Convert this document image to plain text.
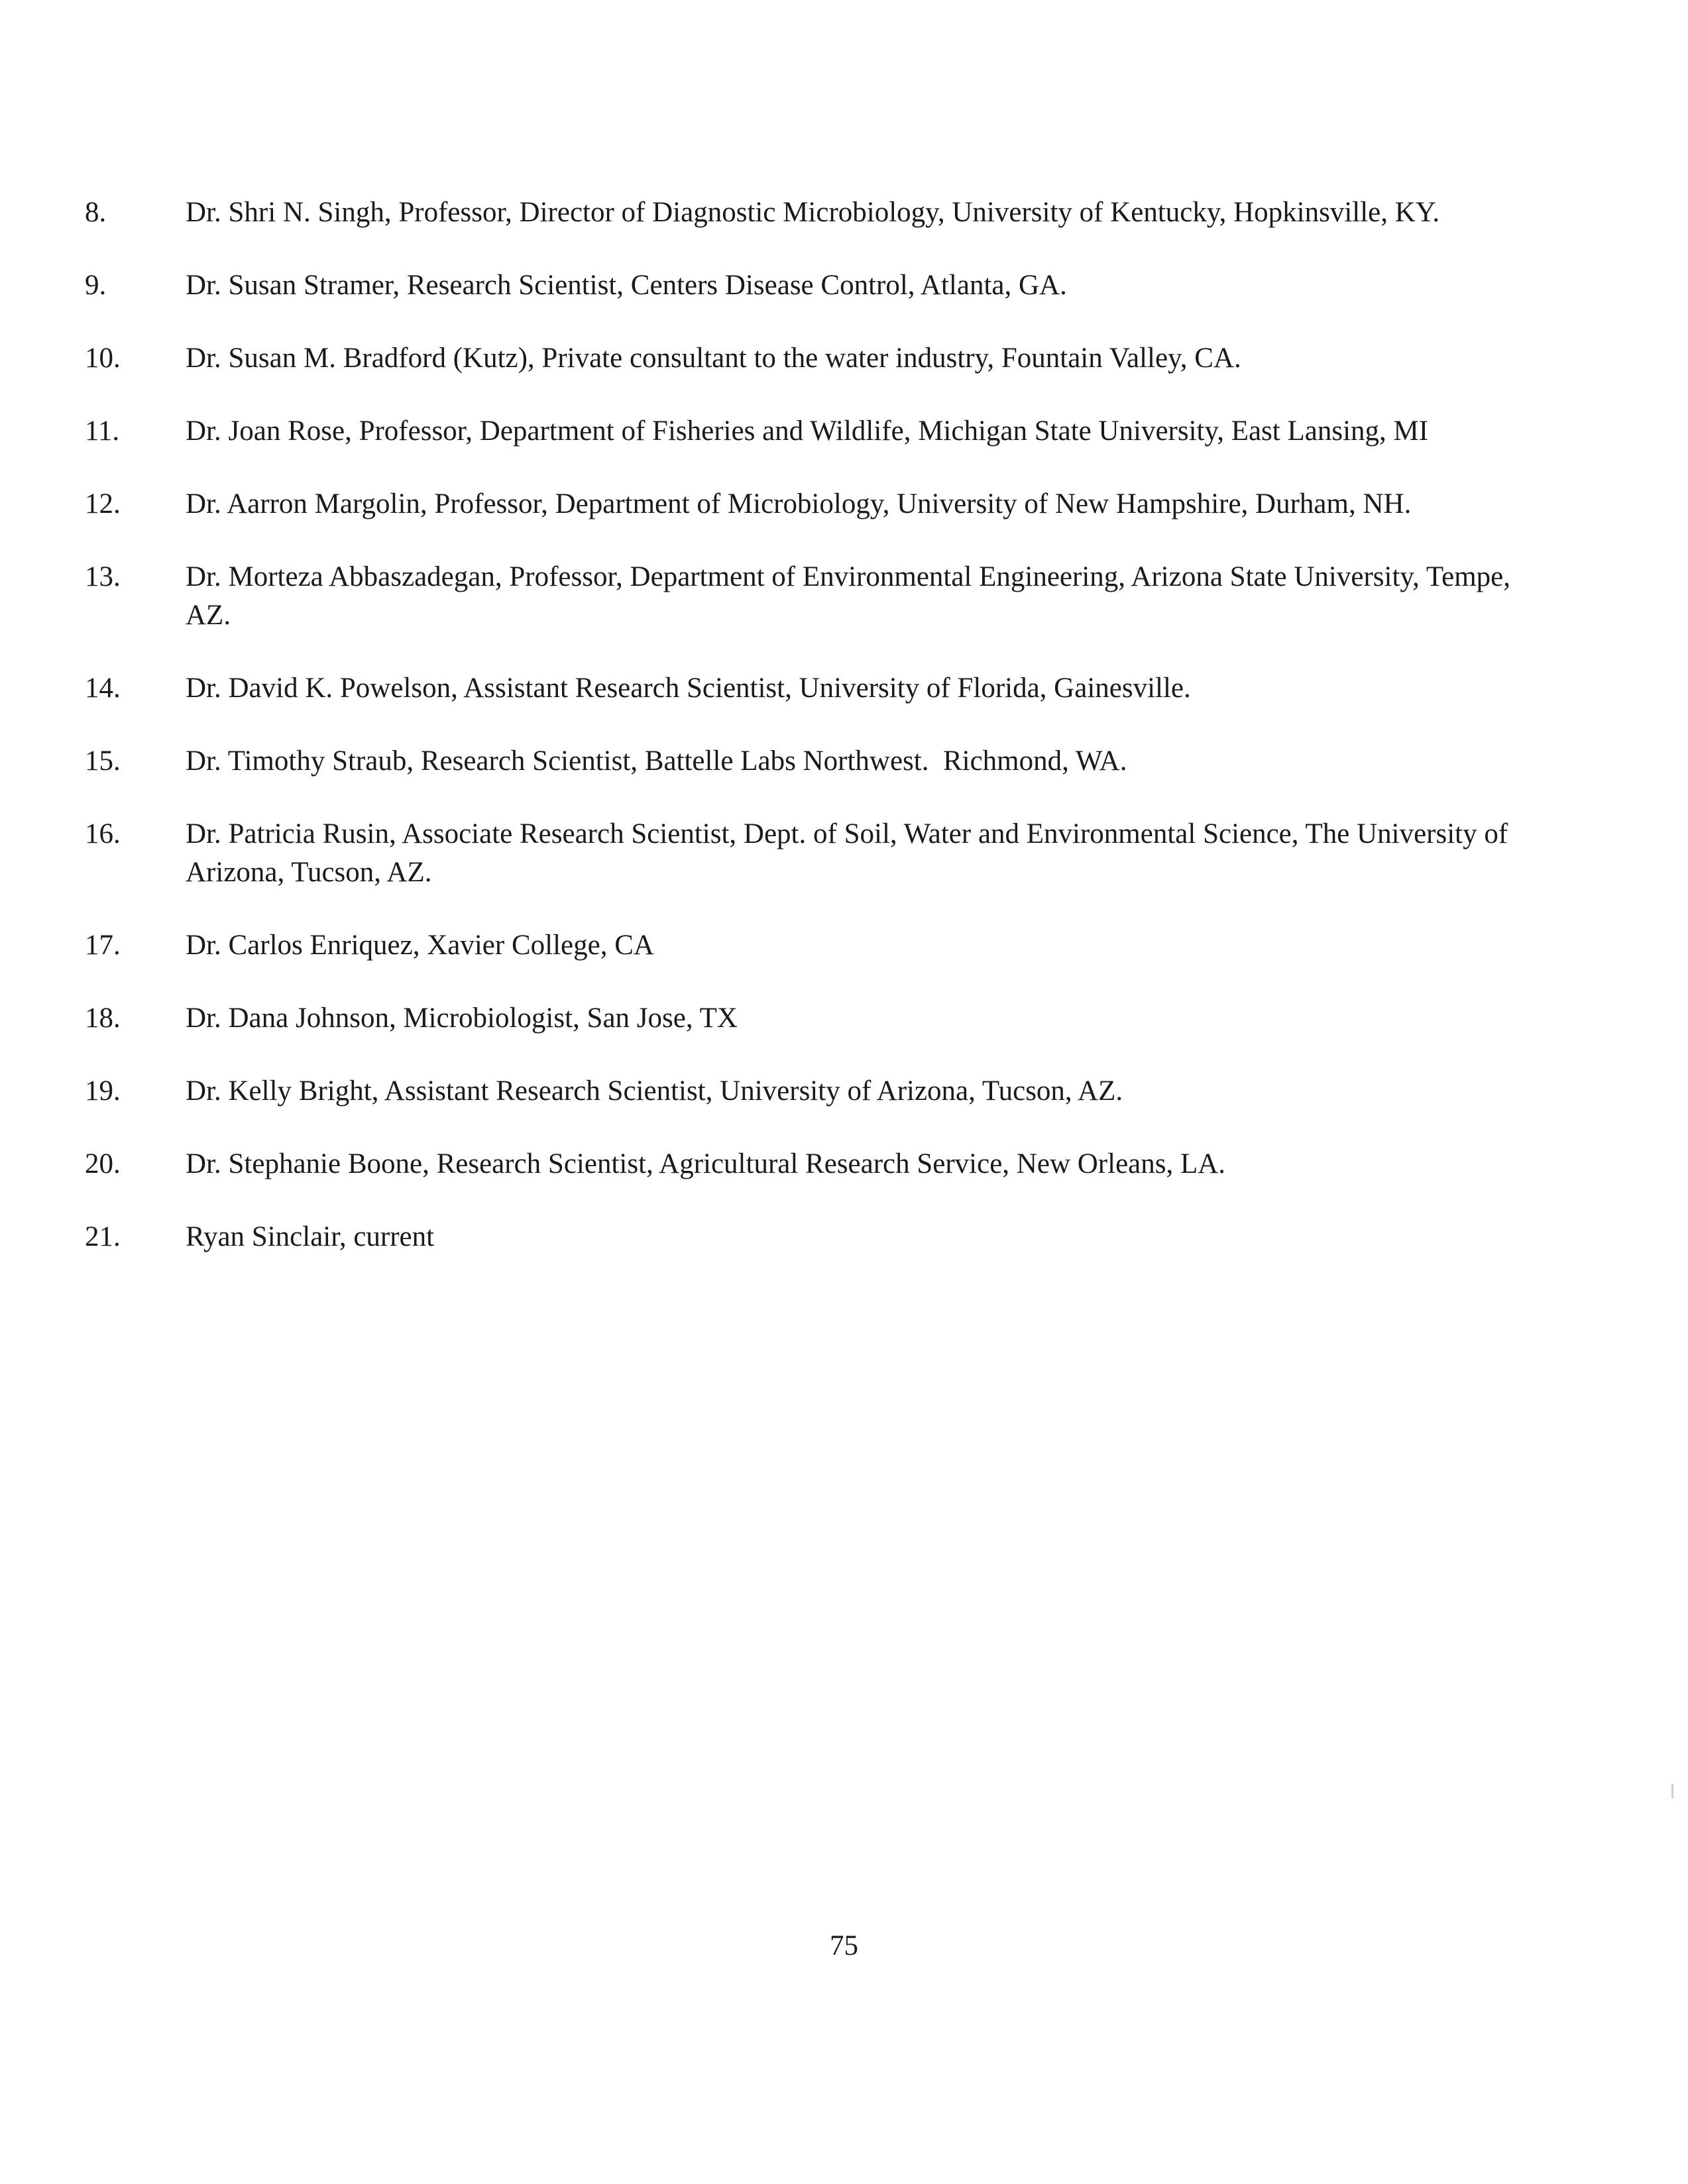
8.	Dr. Shri N. Singh, Professor, Director of Diagnostic Microbiology, University of Kentucky, Hopkinsville, KY.
9.	Dr. Susan Stramer, Research Scientist, Centers Disease Control, Atlanta, GA.
10.	Dr. Susan M. Bradford (Kutz), Private consultant to the water industry, Fountain Valley, CA.
11.	Dr. Joan Rose, Professor, Department of Fisheries and Wildlife, Michigan State University, East Lansing, MI
12.	Dr. Aarron Margolin, Professor, Department of Microbiology, University of New Hampshire, Durham, NH.
13.	Dr. Morteza Abbaszadegan, Professor, Department of Environmental Engineering, Arizona State University, Tempe, AZ.
14.	Dr. David K. Powelson, Assistant Research Scientist, University of Florida, Gainesville.
15.	Dr. Timothy Straub, Research Scientist, Battelle Labs Northwest.  Richmond, WA.
16.	Dr. Patricia Rusin, Associate Research Scientist, Dept. of Soil, Water and Environmental Science, The University of Arizona, Tucson, AZ.
17.	Dr. Carlos Enriquez, Xavier College, CA
18.	Dr. Dana Johnson, Microbiologist, San Jose, TX
19.	Dr. Kelly Bright, Assistant Research Scientist, University of Arizona, Tucson, AZ.
20.	Dr. Stephanie Boone, Research Scientist, Agricultural Research Service, New Orleans, LA.
21.	Ryan Sinclair, current
75
